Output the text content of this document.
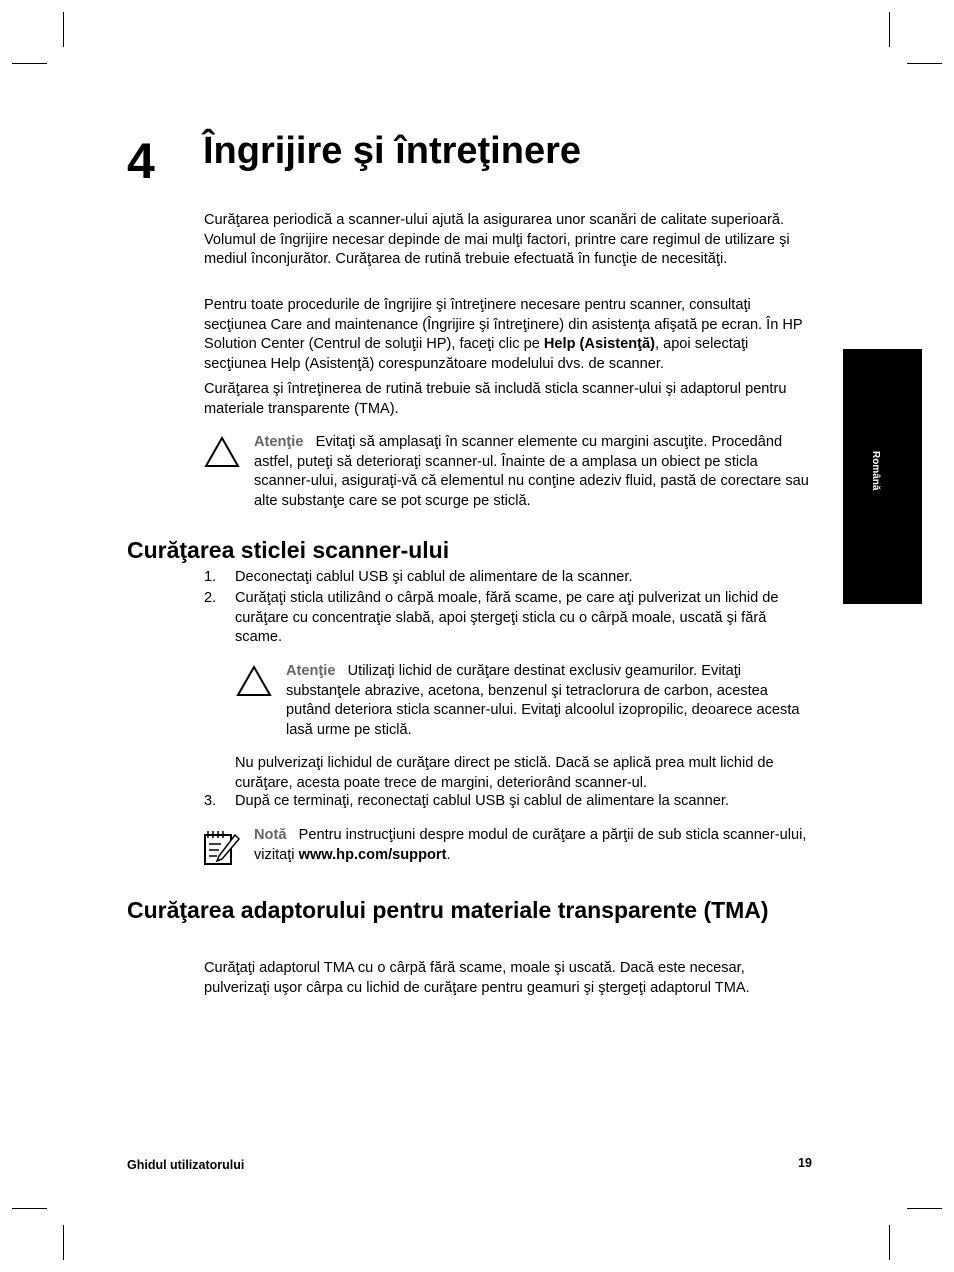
4 Îngrijire şi întreţinere

Curăţarea periodică a scanner-ului ajută la asigurarea unor scanări de calitate superioară. Volumul de îngrijire necesar depinde de mai mulţi factori, printre care regimul de utilizare şi mediul înconjurător. Curăţarea de rutină trebuie efectuată în funcţie de necesităţi.

Pentru toate procedurile de îngrijire şi întreţinere necesare pentru scanner, consultaţi secţiunea Care and maintenance (Îngrijire şi întreţinere) din asistenţa afişată pe ecran. În HP Solution Center (Centrul de soluţii HP), faceţi clic pe Help (Asistenţă), apoi selectaţi secţiunea Help (Asistenţă) corespunzătoare modelului dvs. de scanner.

Curăţarea şi întreţinerea de rutină trebuie să includă sticla scanner-ului şi adaptorul pentru materiale transparente (TMA).

Atenţie Evitaţi să amplasaţi în scanner elemente cu margini ascuţite. Procedând astfel, puteţi să deterioraţi scanner-ul. Înainte de a amplasa un obiect pe sticla scanner-ului, asiguraţi-vă că elementul nu conţine adeziv fluid, pastă de corectare sau alte substanţe care se pot scurge pe sticlă.

Curăţarea sticlei scanner-ului
1. Deconectaţi cablul USB şi cablul de alimentare de la scanner.

2. Curăţaţi sticla utilizând o cârpă moale, fără scame, pe care aţi pulverizat un lichid de curăţare cu concentraţie slabă, apoi ştergeţi sticla cu o cârpă moale, uscată şi fără scame.

Atenţie Utilizaţi lichid de curăţare destinat exclusiv geamurilor. Evitaţi substanţele abrazive, acetona, benzenul şi tetraclorura de carbon, acestea putând deteriora sticla scanner-ului. Evitaţi alcoolul izopropilic, deoarece acesta lasă urme pe sticlă.

Nu pulverizaţi lichidul de curăţare direct pe sticlă. Dacă se aplică prea mult lichid de curăţare, acesta poate trece de margini, deteriorând scanner-ul.

3. După ce terminaţi, reconectaţi cablul USB şi cablul de alimentare la scanner.

Notă Pentru instrucţiuni despre modul de curăţare a părţii de sub sticla scanner-ului, vizitaţi www.hp.com/support.

Curăţarea adaptorului pentru materiale transparente (TMA)

Curăţaţi adaptorul TMA cu o cârpă fără scame, moale şi uscată. Dacă este necesar, pulverizaţi uşor cârpa cu lichid de curăţare pentru geamuri şi ştergeţi adaptorul TMA.

Română
Ghidul utilizatorului	19
